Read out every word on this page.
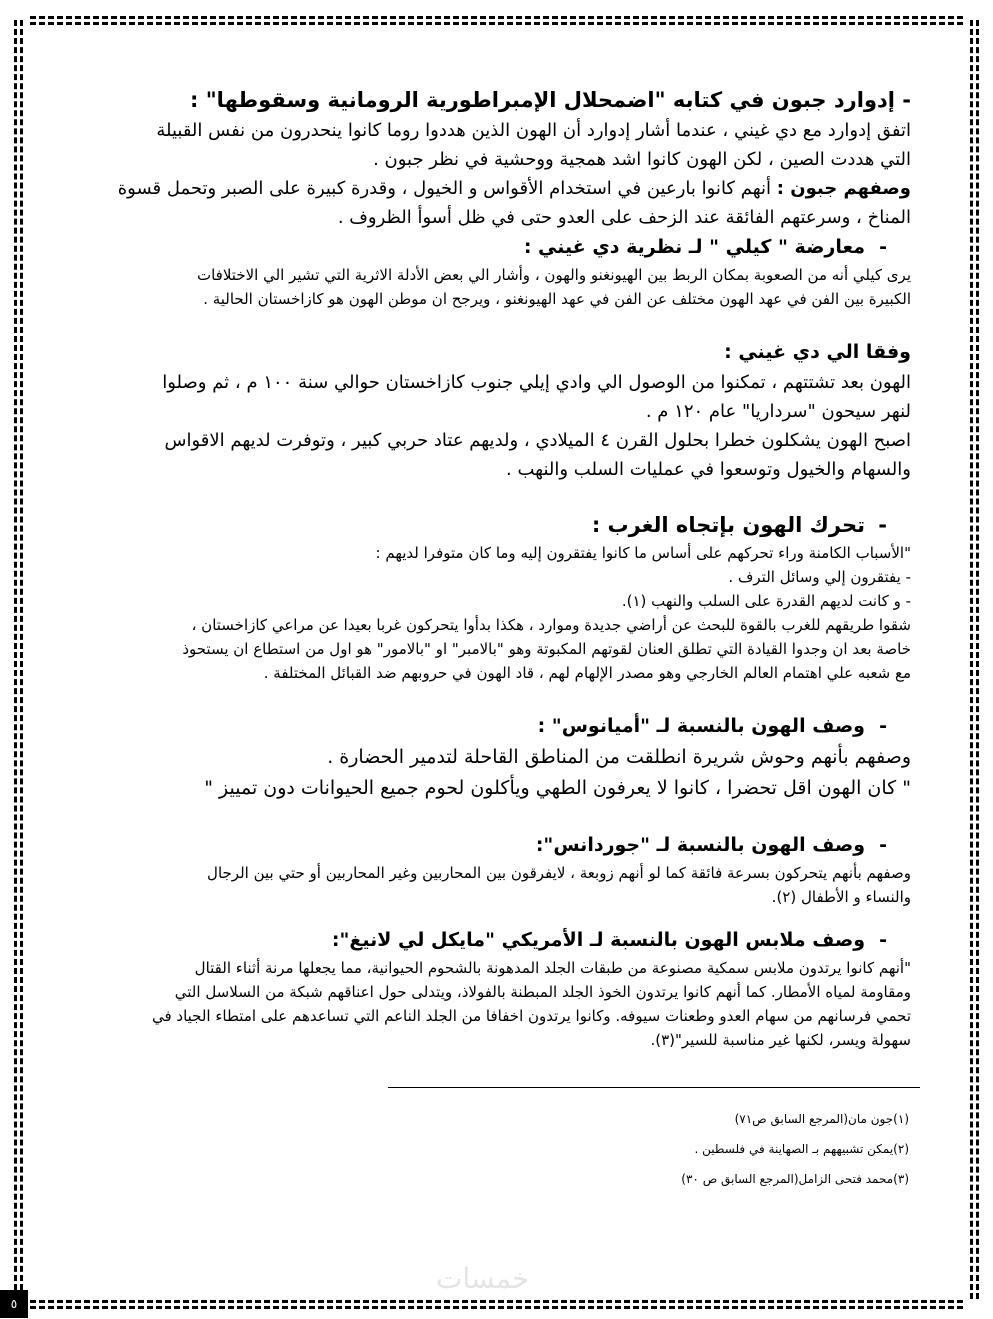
- إدوارد جبون في كتابه "اضمحلال الإمبراطورية الرومانية وسقوطها" :
اتفق إدوارد مع دي غيني ، عندما أشار إدوارد أن الهون الذين هددوا روما كانوا ينحدرون من نفس القبيلة
التي هددت الصين ، لكن الهون كانوا اشد همجية ووحشية في نظر جبون .
وصفهم جبون : أنهم كانوا بارعين في استخدام الأقواس و الخيول ، وقدرة كبيرة على الصبر وتحمل قسوة
المناخ ، وسرعتهم الفائقة عند الزحف على العدو حتى في ظل أسوأ الظروف .
-معارضة " كيلي " لـ نظرية دي غيني :
يرى كيلي أنه من الصعوبة بمكان الربط بين الهيونغنو والهون ، وأشار الي بعض الأدلة الاثرية التي تشير الي الاختلافات
الكبيرة بين الفن في عهد الهون مختلف عن الفن في عهد الهيونغنو ، ويرجح ان موطن الهون هو كازاخستان الحالية .
وفقا الي دي غيني :
الهون بعد تشتتهم ، تمكنوا من الوصول الي وادي إيلي جنوب كازاخستان حوالي سنة ١٠٠ م ، ثم وصلوا
لنهر سيحون "سرداريا" عام ١٢٠ م .
اصبح الهون يشكلون خطرا بحلول القرن ٤ الميلادي ، ولديهم عتاد حربي كبير ، وتوفرت لديهم الاقواس
والسهام والخيول وتوسعوا في عمليات السلب والنهب .
-تحرك الهون بإتجاه الغرب :
"الأسباب الكامنة وراء تحركهم على أساس ما كانوا يفتقرون إليه وما كان متوفرا لديهم :
- يفتقرون إلي وسائل الترف .
- و كانت لديهم القدرة على السلب والنهب (١).
شقوا طريقهم للغرب بالقوة للبحث عن أراضي جديدة وموارد ، هكذا بدأوا يتحركون غربا بعيدا عن مراعي كازاخستان ،
خاصة بعد ان وجدوا القيادة التي تطلق العنان لقوتهم المكبوتة وهو "بالامبر" او "بالامور" هو اول من استطاع ان يستحوذ
مع شعبه علي اهتمام العالم الخارجي وهو مصدر الإلهام لهم ، قاد الهون في حروبهم ضد القبائل المختلفة .
-وصف الهون بالنسبة لـ "أميانوس" :
وصفهم بأنهم وحوش شريرة انطلقت من المناطق القاحلة لتدمير الحضارة .
" كان الهون اقل تحضرا ، كانوا لا يعرفون الطهي ويأكلون لحوم جميع الحيوانات دون تمييز "
-وصف الهون بالنسبة لـ "جوردانس":
وصفهم بأنهم يتحركون بسرعة فائقة كما لو أنهم زوبعة ، لايفرقون بين المحاربين وغير المحاربين أو حتي بين الرجال
والنساء و الأطفال (٢).
-وصف ملابس الهون بالنسبة لـ الأمريكي "مايكل لي لانيغ":
"أنهم كانوا يرتدون ملابس سمكية مصنوعة من طبقات الجلد المدهونة بالشحوم الحيوانية، مما يجعلها مرنة أثناء القتال
ومقاومة لمياه الأمطار. كما أنهم كانوا يرتدون الخوذ الجلد المبطنة بالفولاذ، ويتدلى حول اعناقهم شبكة من السلاسل التي
تحمي فرسانهم من سهام العدو وطعنات سيوفه. وكانوا يرتدون اخفافا من الجلد الناعم التي تساعدهم على امتطاء الجياد في
سهولة ويسر، لكنها غير مناسبة للسير"(٣).
(١)جون مان(المرجع السابق ص٧١)
(٢)يمكن تشبيههم بـ الصهاينة في فلسطين .
(٣)محمد فتحى الزامل(المرجع السابق ص ٣٠)
خمسات
٥
